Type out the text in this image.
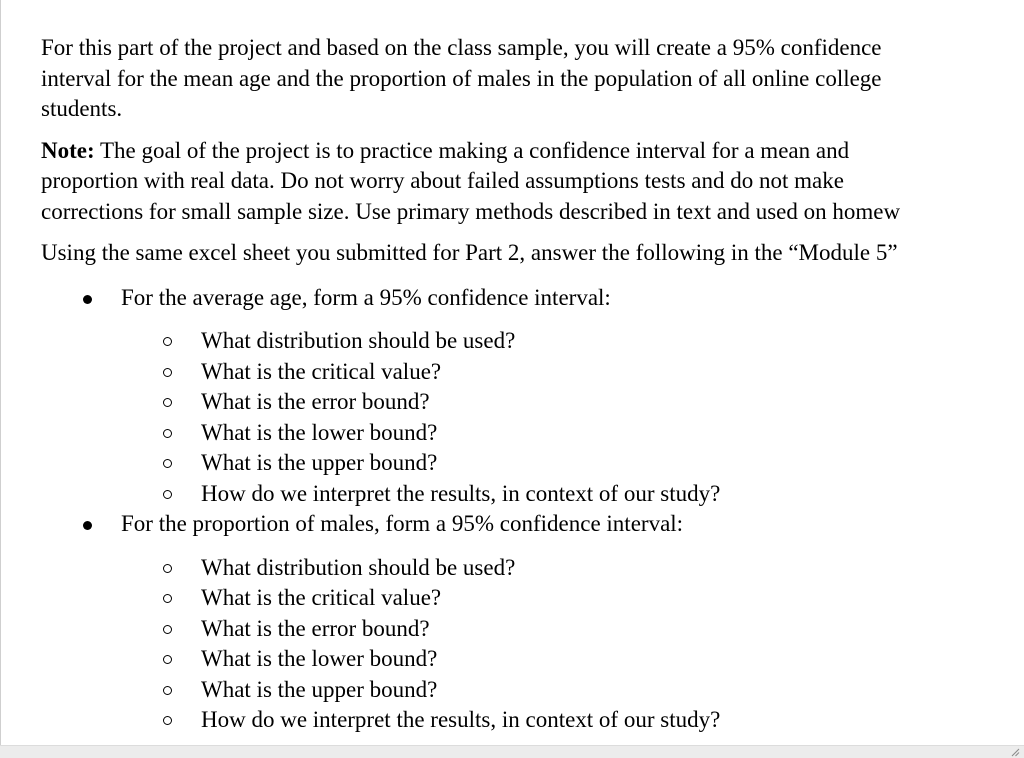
For this part of the project and based on the class sample, you will create a 95% confidence
interval for the mean age and the proportion of males in the population of all online college
students.

Note: The goal of the project is to practice making a confidence interval for a mean and
proportion with real data. Do not worry about failed assumptions tests and do not make
corrections for small sample size. Use primary methods described in text and used on homew

Using the same excel sheet you submitted for Part 2, answer the following in the “Module 5”

For the average age, form a 95% confidence interval:
What distribution should be used?
What is the critical value?
What is the error bound?
What is the lower bound?
What is the upper bound?
How do we interpret the results, in context of our study?
For the proportion of males, form a 95% confidence interval:
What distribution should be used?
What is the critical value?
What is the error bound?
What is the lower bound?
What is the upper bound?
How do we interpret the results, in context of our study?
